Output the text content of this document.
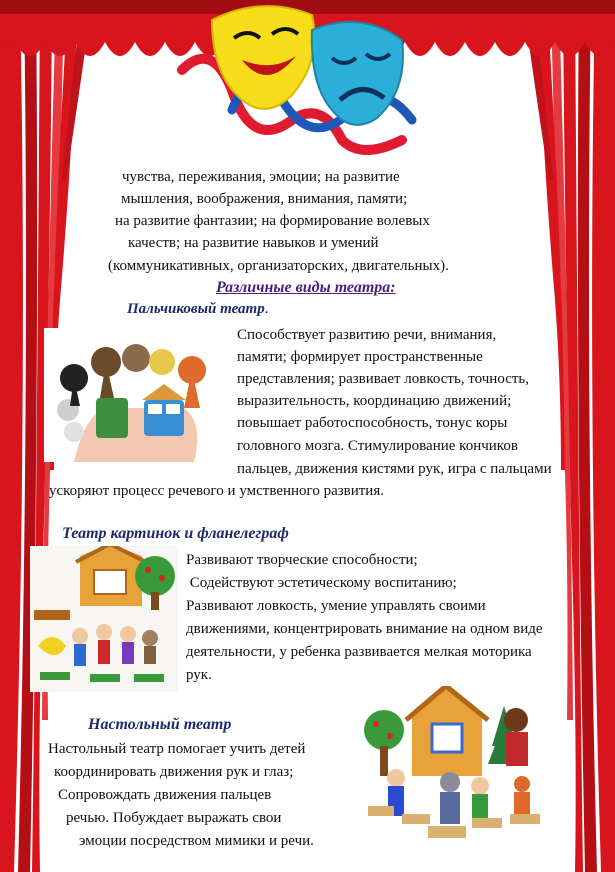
чувства, переживания, эмоции; на развитие
мышления, воображения, внимания, памяти;
на развитие фантазии; на формирование волевых
качеств; на развитие навыков и умений
(коммуникативных, организаторских, двигательных).
Различные виды театра:
Пальчиковый театр.
Способствует развитию речи, внимания,
памяти; формирует пространственные
представления; развивает ловкость, точность,
выразительность, координацию движений;
повышает работоспособность, тонус коры
головного мозга. Стимулирование кончиков
пальцев, движения кистями рук, игра с пальцами
ускоряют процесс речевого и умственного развития.
Театр картинок и фланелеграф
Развивают творческие способности;
Содействуют эстетическому воспитанию;
Развивают ловкость, умение управлять своими
движениями, концентрировать внимание на одном виде
деятельности, у ребенка развивается мелкая моторика
рук.
Настольный театр
Настольный театр помогает учить детей
координировать движения рук и глаз;
Сопровождать движения пальцев
речью. Побуждает выражать свои
эмоции посредством мимики и речи.
